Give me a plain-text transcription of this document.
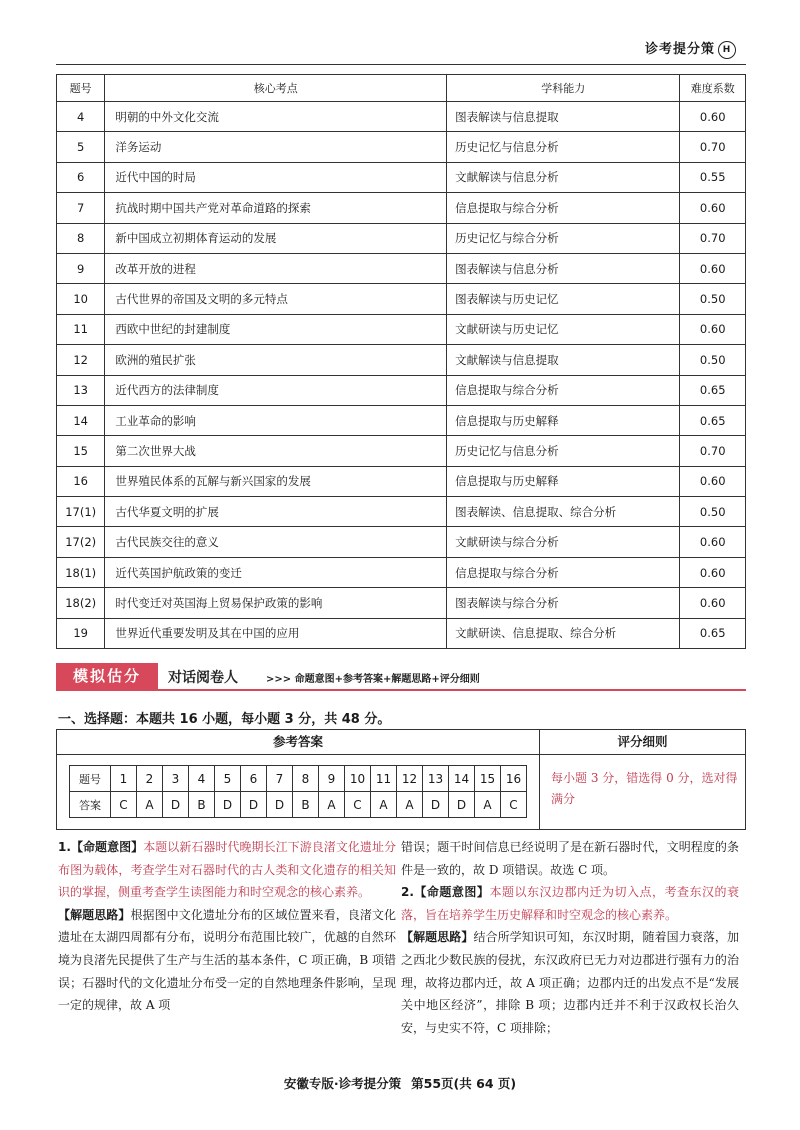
诊考提分策 H
题号	核心考点	学科能力	难度系数
4	明朝的中外文化交流	图表解读与信息提取	0.60
5	洋务运动	历史记忆与信息分析	0.70
6	近代中国的时局	文献解读与信息分析	0.55
7	抗战时期中国共产党对革命道路的探索	信息提取与综合分析	0.60
8	新中国成立初期体育运动的发展	历史记忆与综合分析	0.70
9	改革开放的进程	图表解读与信息分析	0.60
10	古代世界的帝国及文明的多元特点	图表解读与历史记忆	0.50
11	西欧中世纪的封建制度	文献研读与历史记忆	0.60
12	欧洲的殖民扩张	文献解读与信息提取	0.50
13	近代西方的法律制度	信息提取与综合分析	0.65
14	工业革命的影响	信息提取与历史解释	0.65
15	第二次世界大战	历史记忆与信息分析	0.70
16	世界殖民体系的瓦解与新兴国家的发展	信息提取与历史解释	0.60
17(1)	古代华夏文明的扩展	图表解读、信息提取、综合分析	0.50
17(2)	古代民族交往的意义	文献研读与综合分析	0.60
18(1)	近代英国护航政策的变迁	信息提取与综合分析	0.60
18(2)	时代变迁对英国海上贸易保护政策的影响	图表解读与综合分析	0.60
19	世界近代重要发明及其在中国的应用	文献研读、信息提取、综合分析	0.65
模拟估分	对话阅卷人	>>> 命题意图+参考答案+解题思路+评分细则
一、选择题：本题共 16 小题，每小题 3 分，共 48 分。
参考答案	评分细则
题号	1	2	3	4	5	6	7	8	9	10	11	12	13	14	15	16
答案	C	A	D	B	D	D	D	B	A	C	A	A	D	D	A	C
每小题 3 分，错选得 0 分，选对得满分
1.【命题意图】本题以新石器时代晚期长江下游良渚文化遗址分布图为载体，考查学生对石器时代的古人类和文化遗存的相关知识的掌握，侧重考查学生读图能力和时空观念的核心素养。
【解题思路】根据图中文化遗址分布的区域位置来看，良渚文化遗址在太湖四周都有分布，说明分布范围比较广，优越的自然环境为良渚先民提供了生产与生活的基本条件，C 项正确，B 项错误；石器时代的文化遗址分布受一定的自然地理条件影响，呈现一定的规律，故 A 项
错误；题干时间信息已经说明了是在新石器时代，文明程度的条件是一致的，故 D 项错误。故选 C 项。
2.【命题意图】本题以东汉边郡内迁为切入点，考查东汉的衰落，旨在培养学生历史解释和时空观念的核心素养。
【解题思路】结合所学知识可知，东汉时期，随着国力衰落，加之西北少数民族的侵扰，东汉政府已无力对边郡进行强有力的治理，故将边郡内迁，故 A 项正确；边郡内迁的出发点不是“发展关中地区经济”，排除 B 项；边郡内迁并不利于汉政权长治久安，与史实不符，C 项排除；
安徽专版·诊考提分策 第55页(共 64 页)
